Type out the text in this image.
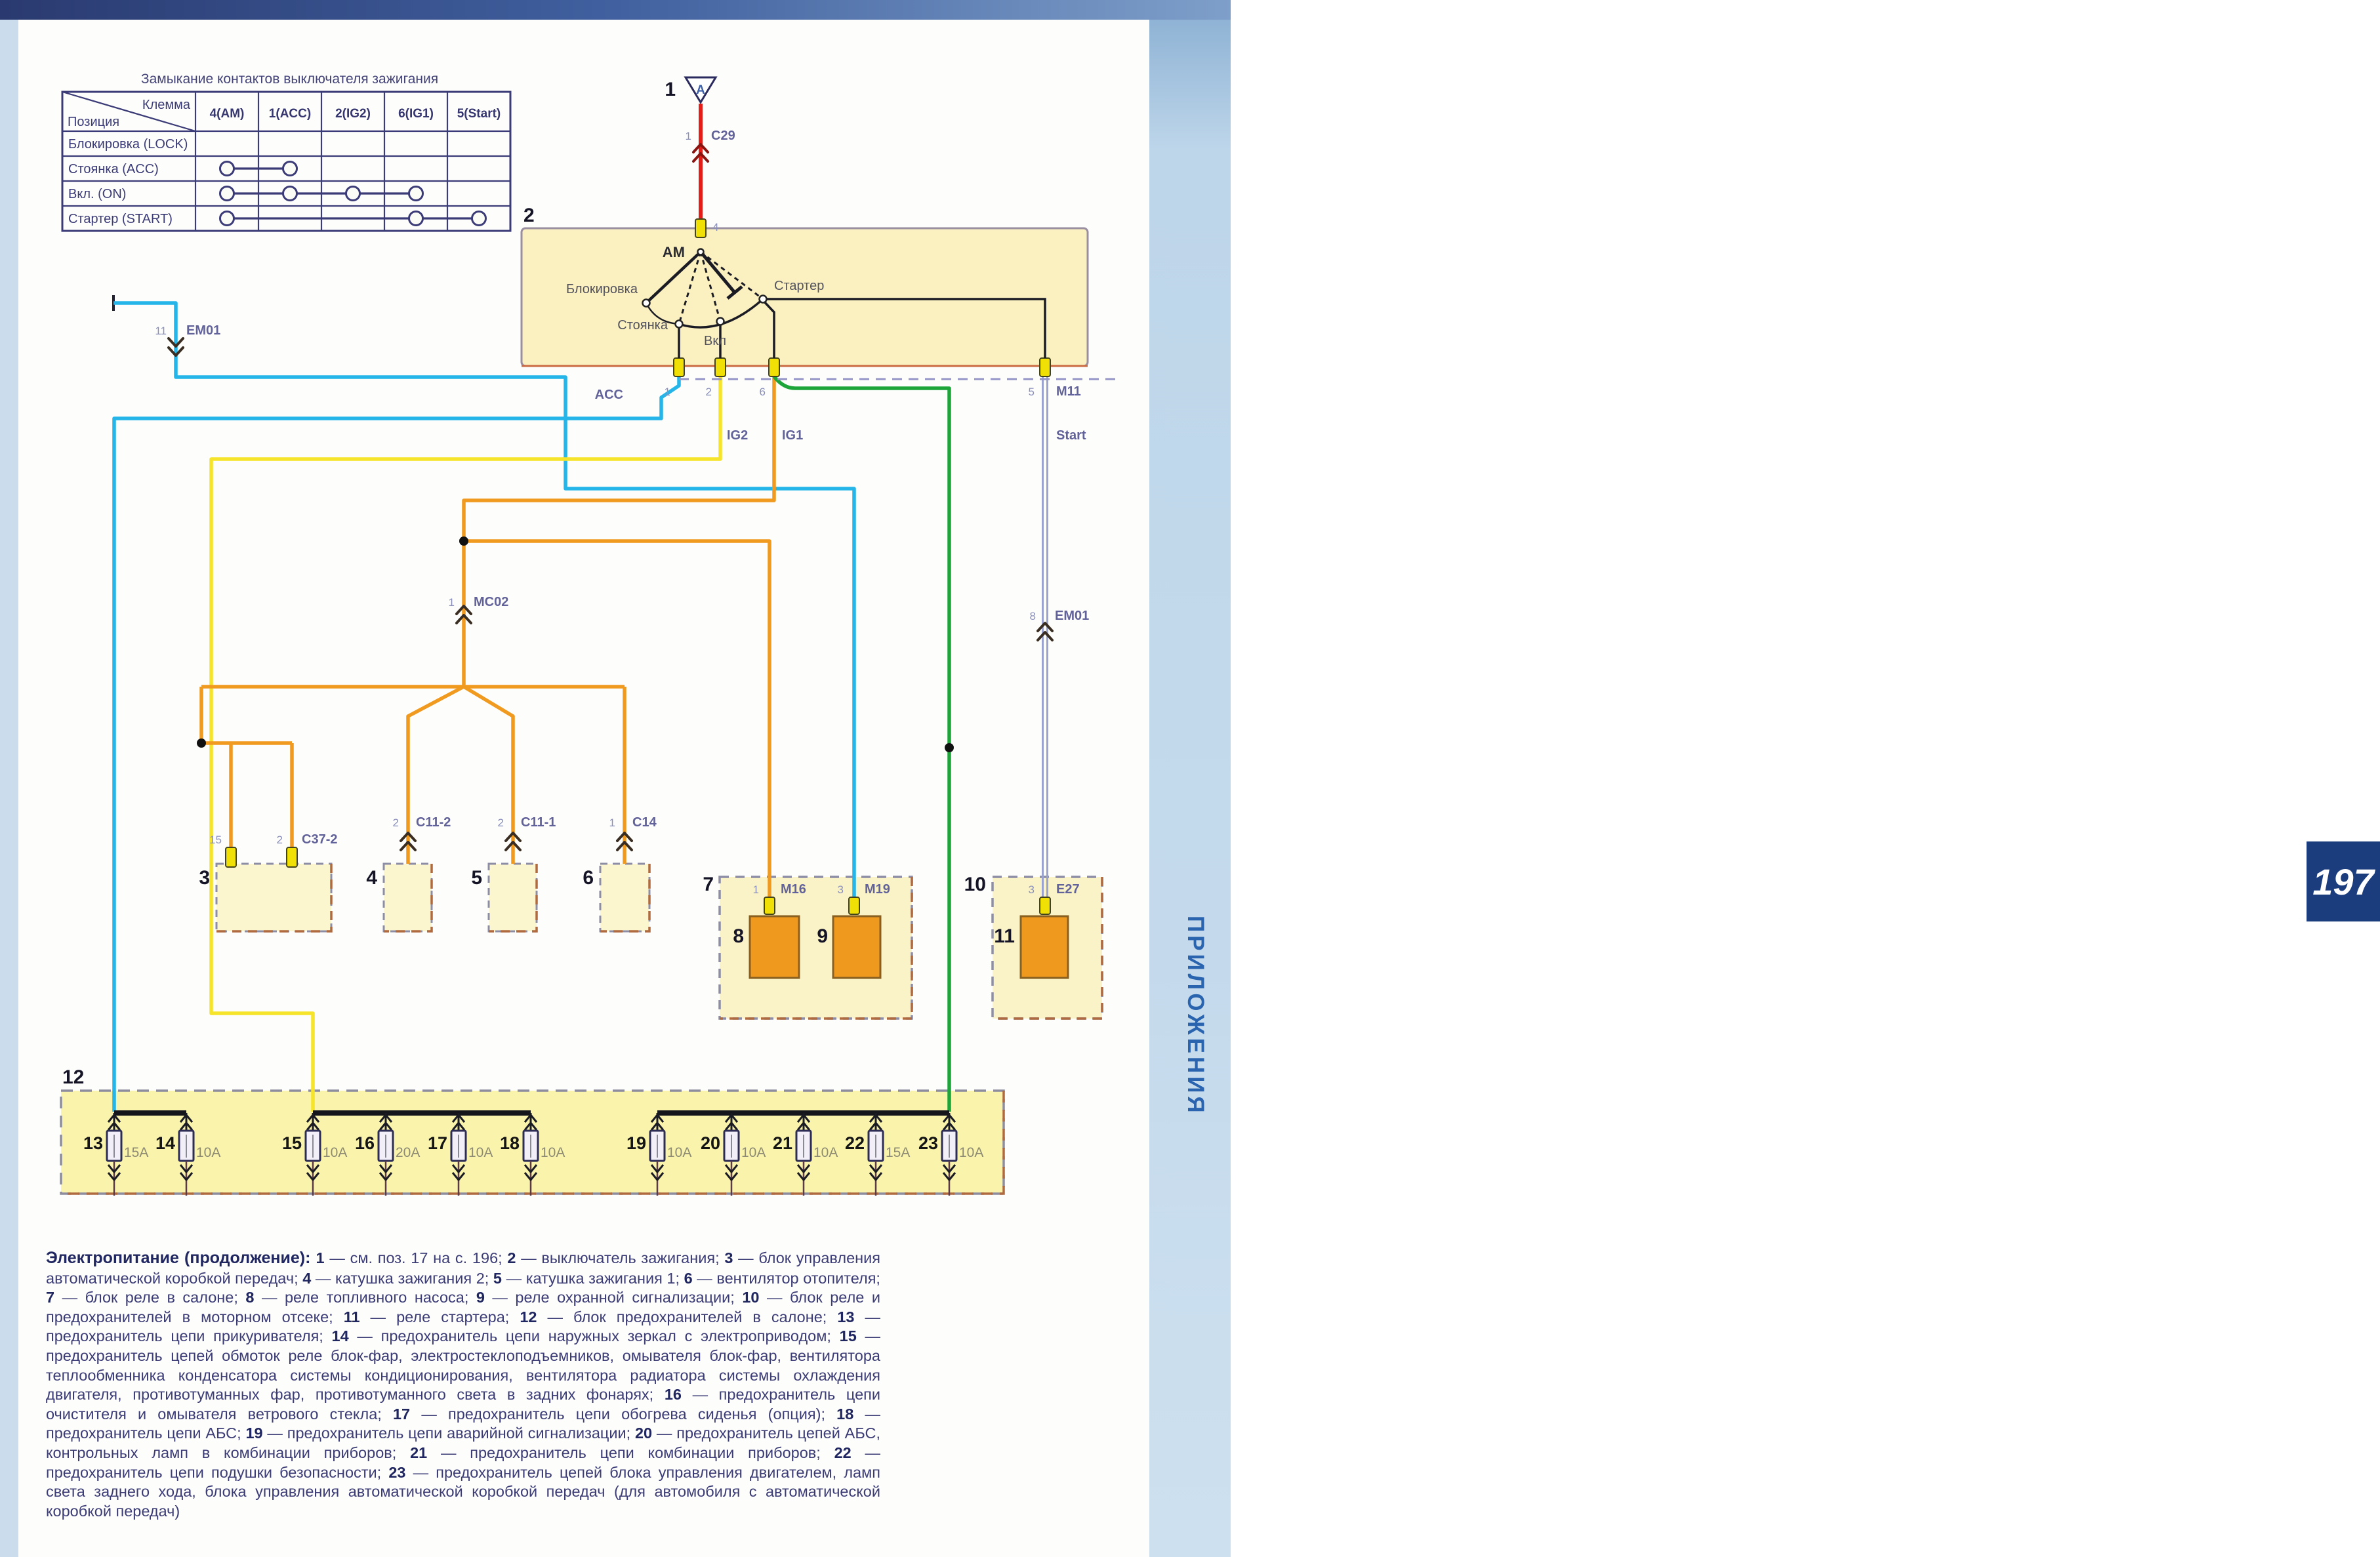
197
ПРИЛОЖЕНИЯ
1 A
1 C29
4
2
AM
Блокировка
Стоянка
Вкл
Стартер
1	2	6	5 M11
ACC
IG2	IG1	Start
11 EM01
8 EM01
1 MC02
3
15	2 C37-2
4
2 C11-2
5
2 C11-1
6
1 C14
7
8
1 M16
9
3 M19	10
11
3 E27
12
Замыкание контактов выключателя зажигания
Клемма
Позиция
4(AM) 1(ACC) 2(IG2) 6(IG1) 5(Start)
Блокировка (LOCK)
Стоянка (ACC)
Вкл. (ON)
Стартер (START)
13 15A 14 10A	15 10A 16 20A 17 10A 18 10A	19 10A 20 10A 21 10A 22 15A 23 10A
Электропитание (продолжение): 1 — см. поз. 17 на с. 196; 2 — выключатель зажигания; 3 — блок управления автоматической коробкой передач; 4 — катушка зажигания 2; 5 — катушка зажигания 1; 6 — вентилятор отопителя; 7 — блок реле в салоне; 8 — реле топливного насоса; 9 — реле охранной сигнализации; 10 — блок реле и предохранителей в моторном отсеке; 11 — реле стартера; 12 — блок предохранителей в салоне; 13 — предохранитель цепи прикуривателя; 14 — предохранитель цепи наружных зеркал с электроприводом; 15 — предохранитель цепей обмоток реле блок-фар, электростеклоподъемников, омывателя блок-фар, вентилятора теплообменника конденсатора системы кондиционирования, вентилятора радиатора системы охлаждения двигателя, противотуманных фар, противотуманного света в задних фонарях; 16 — предохранитель цепи очистителя и омывателя ветрового стекла; 17 — предохранитель цепи обогрева сиденья (опция); 18 — предохранитель цепи АБС; 19 — предохранитель цепи аварийной сигнализации; 20 — предохранитель цепей АБС, контрольных ламп в комбинации приборов; 21 — предохранитель цепи комбинации приборов; 22 — предохранитель цепи подушки безопасности; 23 — предохранитель цепей блока управления двигателем, ламп света заднего хода, блока управления автоматической коробкой передач (для автомобиля с автоматической коробкой передач)
